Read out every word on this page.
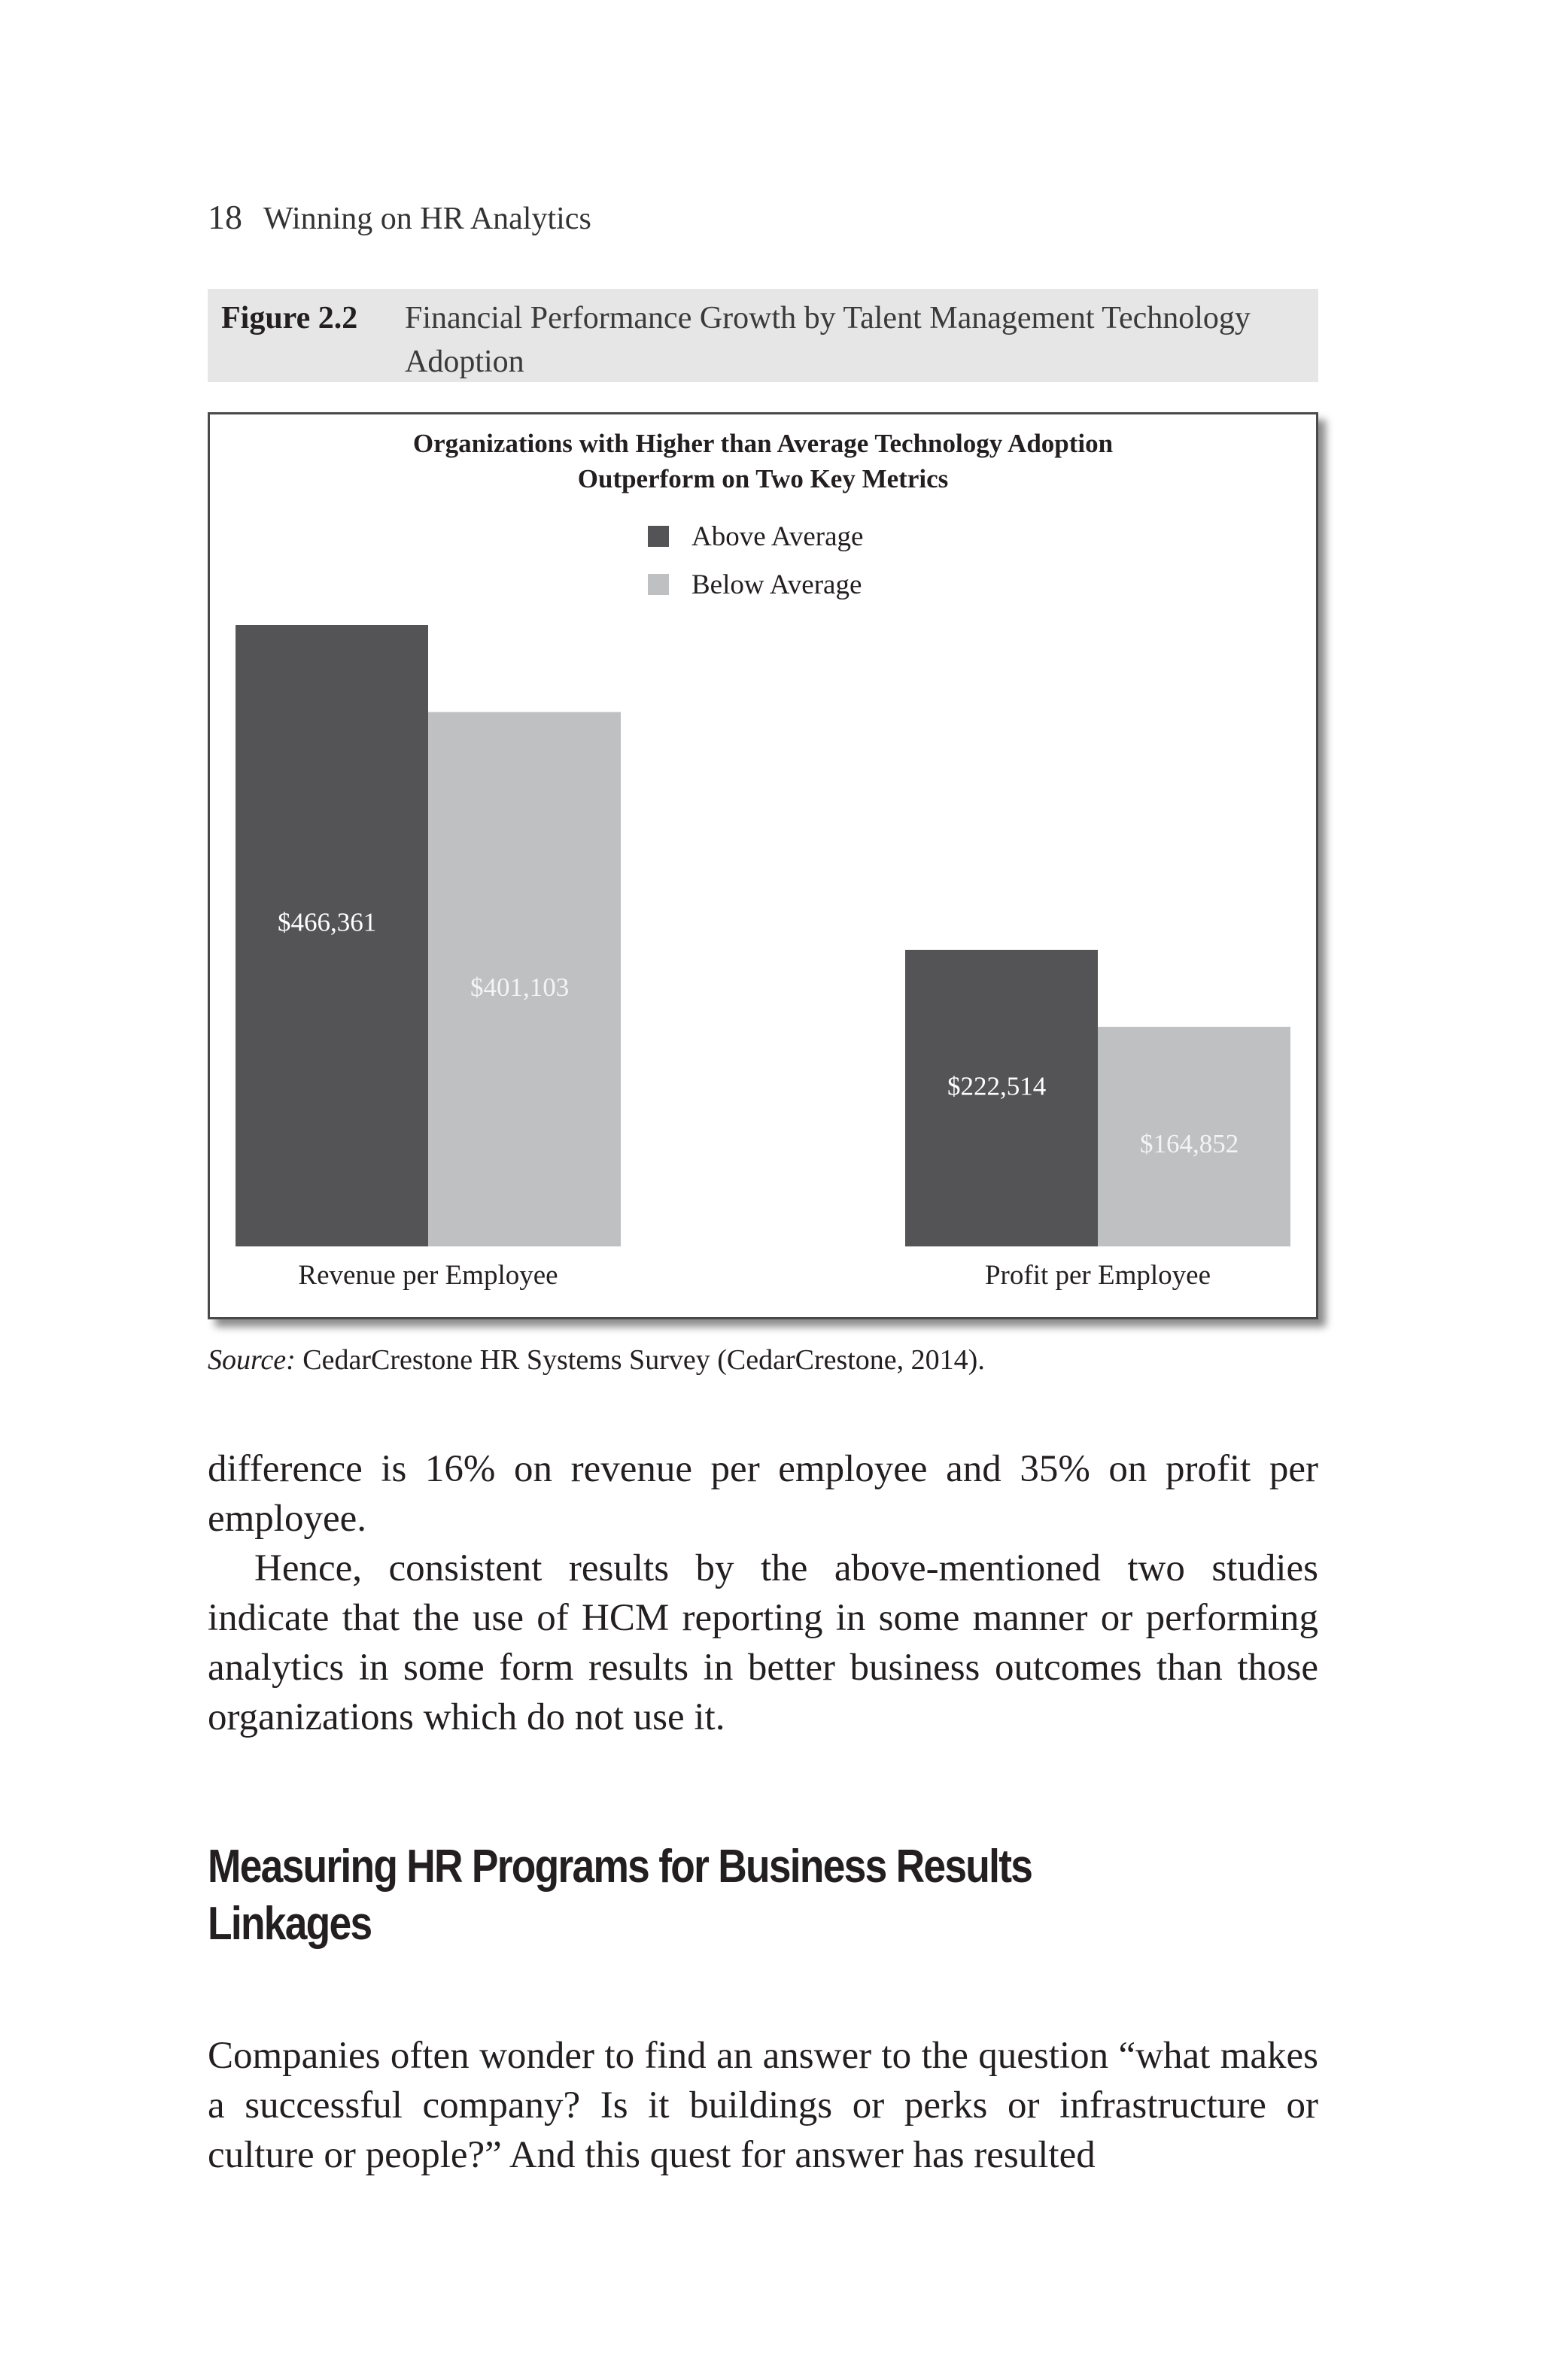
18 Winning on HR Analytics
Figure 2.2	Financial Performance Growth by Talent Management Technology Adoption
Organizations with Higher than Average Technology Adoption
Outperform on Two Key Metrics
Above Average
Below Average
$466,361
$401,103
$222,514
$164,852
Revenue per Employee	Profit per Employee
Source: CedarCrestone HR Systems Survey (CedarCrestone, 2014).

difference is 16% on revenue per employee and 35% on profit per employee.

Hence, consistent results by the above-mentioned two studies indicate that the use of HCM reporting in some manner or performing analytics in some form results in better business outcomes than those organizations which do not use it.

Measuring HR Programs for Business Results Linkages

Companies often wonder to find an answer to the question “what makes a successful company? Is it buildings or perks or infrastructure or culture or people?” And this quest for answer has resulted
